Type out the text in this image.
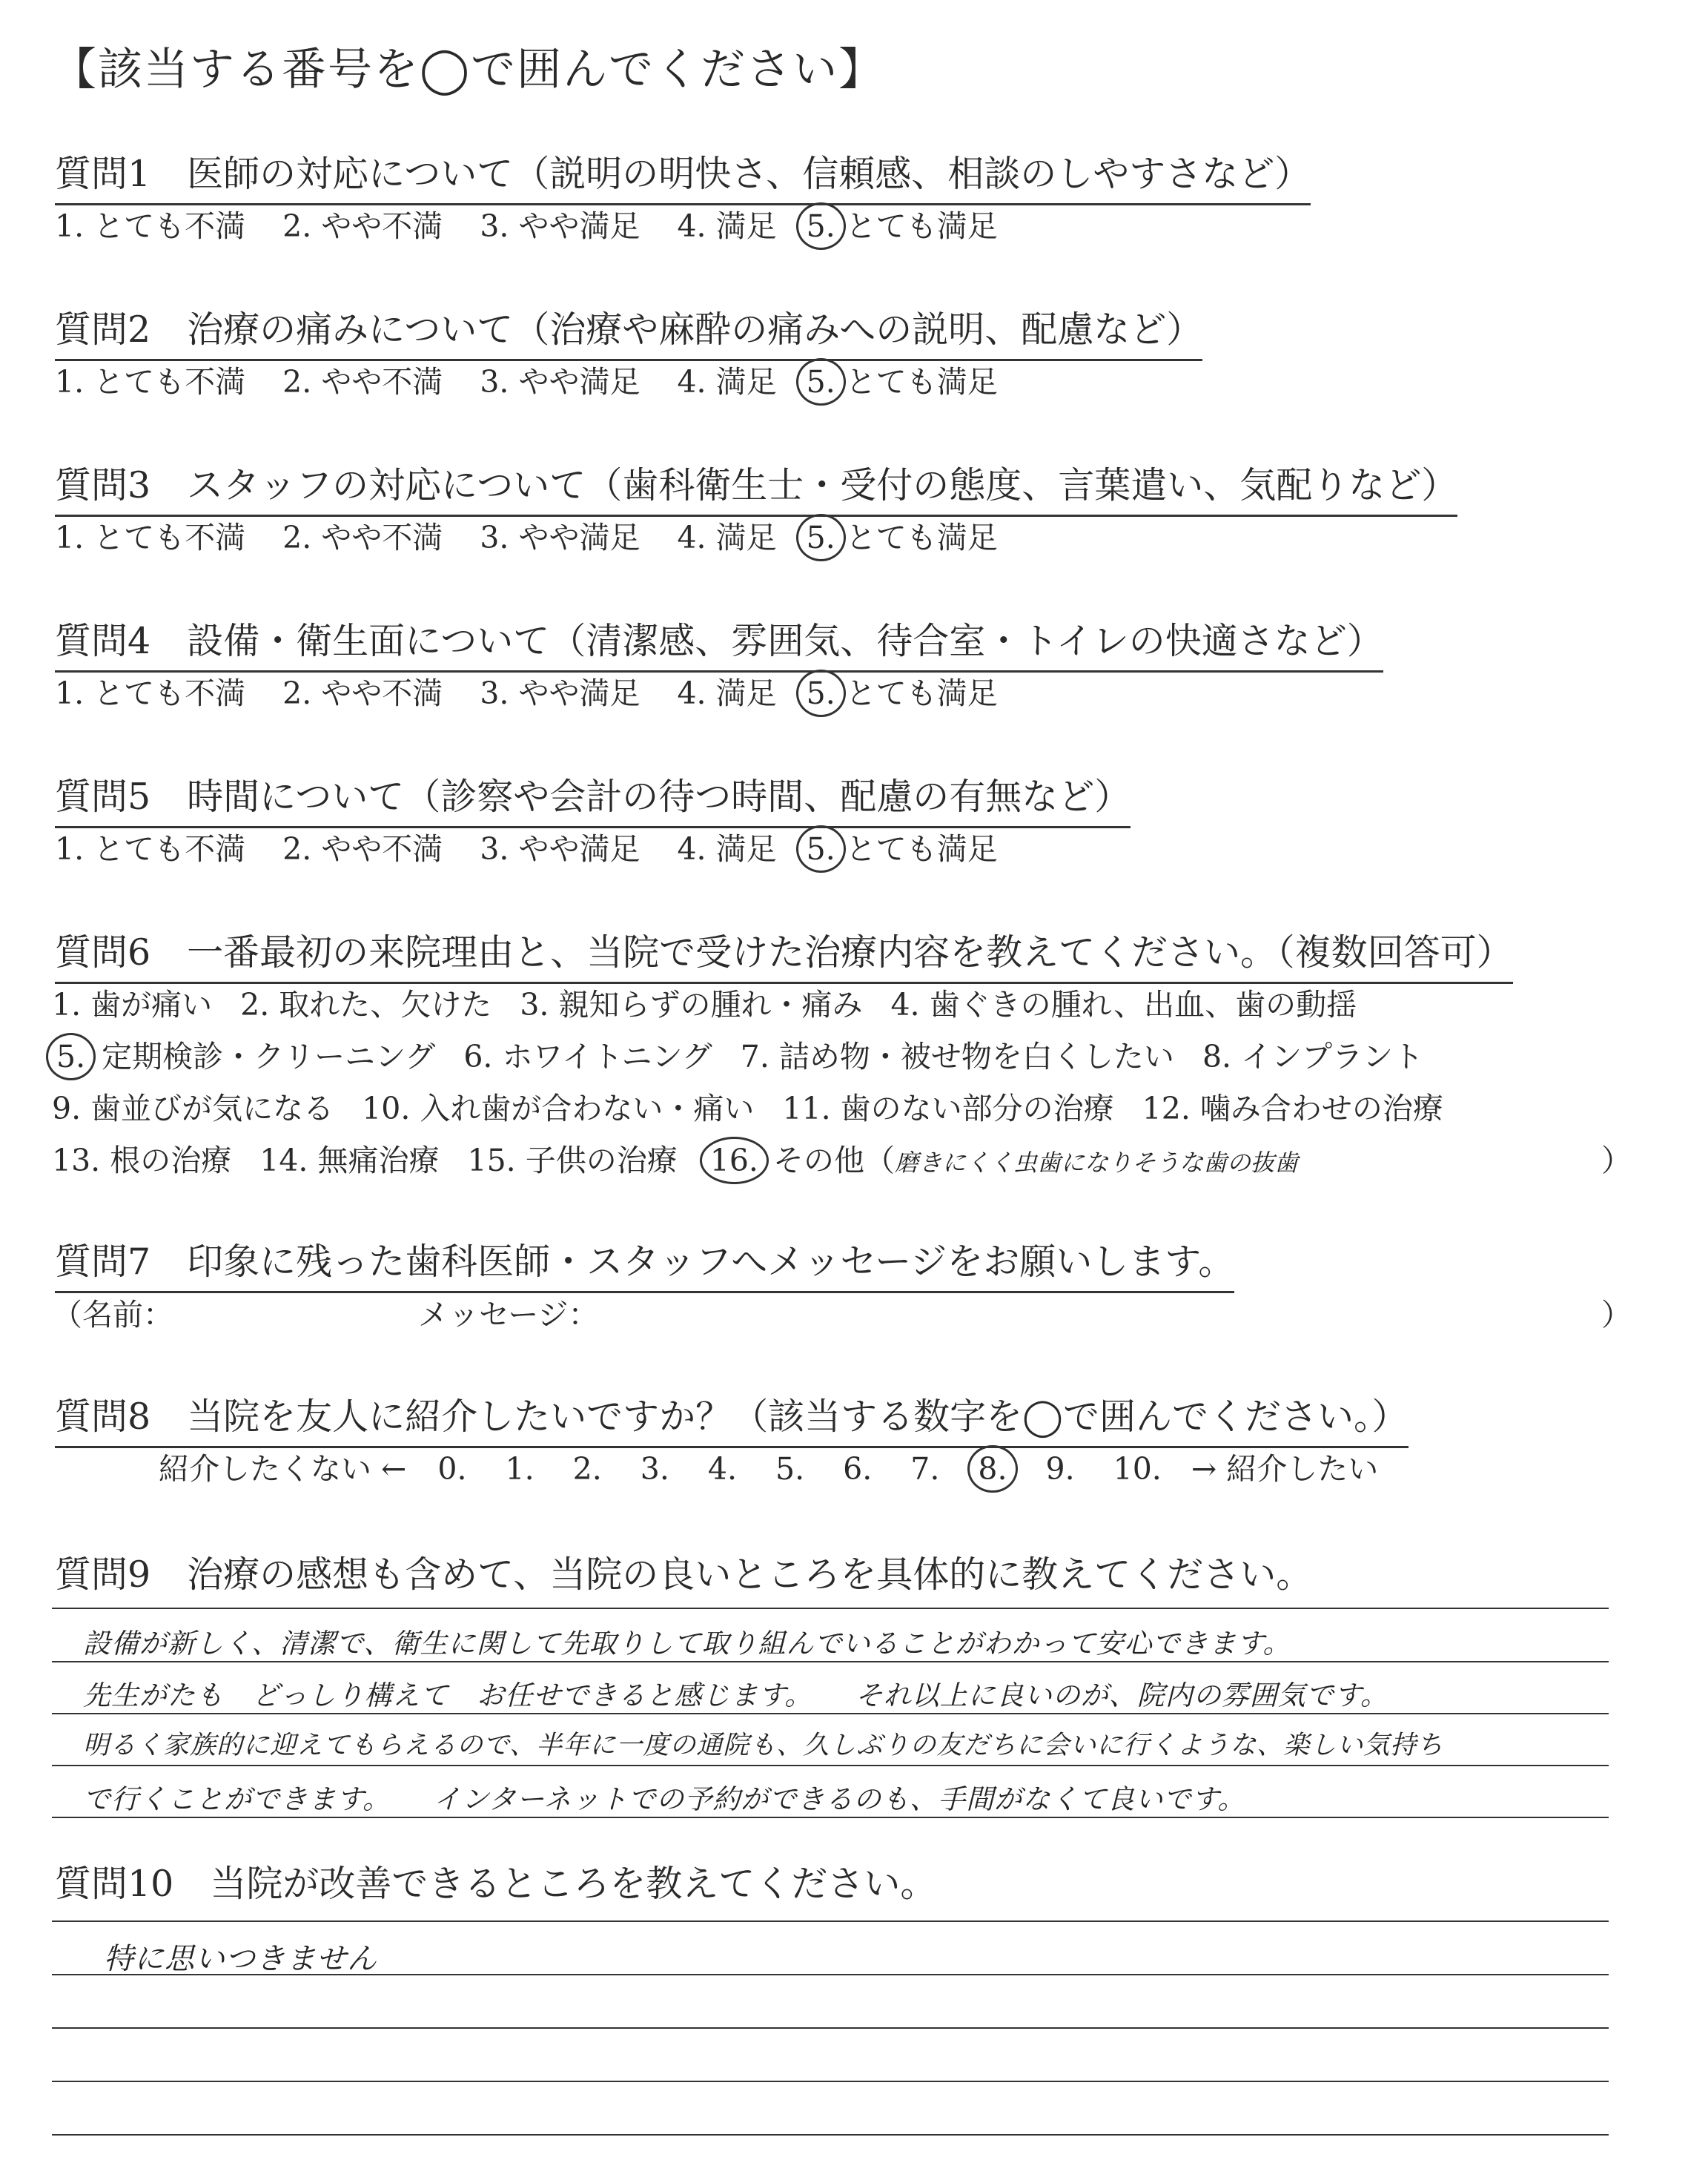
【該当する番号を◯で囲んでください】
質問1　医師の対応について（説明の明快さ、信頼感、相談のしやすさなど）
1. とても不満 2. やや不満 3. やや満足 4. 満足 5. とても満足
質問2　治療の痛みについて（治療や麻酔の痛みへの説明、配慮など）
1. とても不満 2. やや不満 3. やや満足 4. 満足 5. とても満足
質問3　スタッフの対応について（歯科衛生士・受付の態度、言葉遣い、気配りなど）
1. とても不満 2. やや不満 3. やや満足 4. 満足 5. とても満足
質問4　設備・衛生面について（清潔感、雰囲気、待合室・トイレの快適さなど）
1. とても不満 2. やや不満 3. やや満足 4. 満足 5. とても満足
質問5　時間について（診察や会計の待つ時間、配慮の有無など）
1. とても不満 2. やや不満 3. やや満足 4. 満足 5. とても満足
質問6　一番最初の来院理由と、当院で受けた治療内容を教えてください。（複数回答可）
1. 歯が痛い 2. 取れた、欠けた 3. 親知らずの腫れ・痛み 4. 歯ぐきの腫れ、出血、歯の動揺
5. 定期検診・クリーニング 6. ホワイトニング 7. 詰め物・被せ物を白くしたい 8. インプラント
9. 歯並びが気になる 10. 入れ歯が合わない・痛い 11. 歯のない部分の治療 12. 噛み合わせの治療
13. 根の治療 14. 無痛治療 15. 子供の治療 16. その他（磨きにくく虫歯になりそうな歯の抜歯	）
質問7　印象に残った歯科医師・スタッフへメッセージをお願いします。
（名前：	メッセージ：	）
質問8　当院を友人に紹介したいですか？（該当する数字を◯で囲んでください。）
紹介したくない ← 0. 1. 2. 3. 4. 5. 6. 7. 8. 9. 10. → 紹介したい
質問9　治療の感想も含めて、当院の良いところを具体的に教えてください。
設備が新しく、清潔で、衛生に関して先取りして取り組んでいることがわかって安心できます。
先生がたも　どっしり構えて　お任せできると感じます。　　それ以上に良いのが、院内の雰囲気です。
明るく家族的に迎えてもらえるので、半年に一度の通院も、久しぶりの友だちに会いに行くような、楽しい気持ち
で行くことができます。　　インターネットでの予約ができるのも、手間がなくて良いです。
質問10　当院が改善できるところを教えてください。
特に思いつきません
